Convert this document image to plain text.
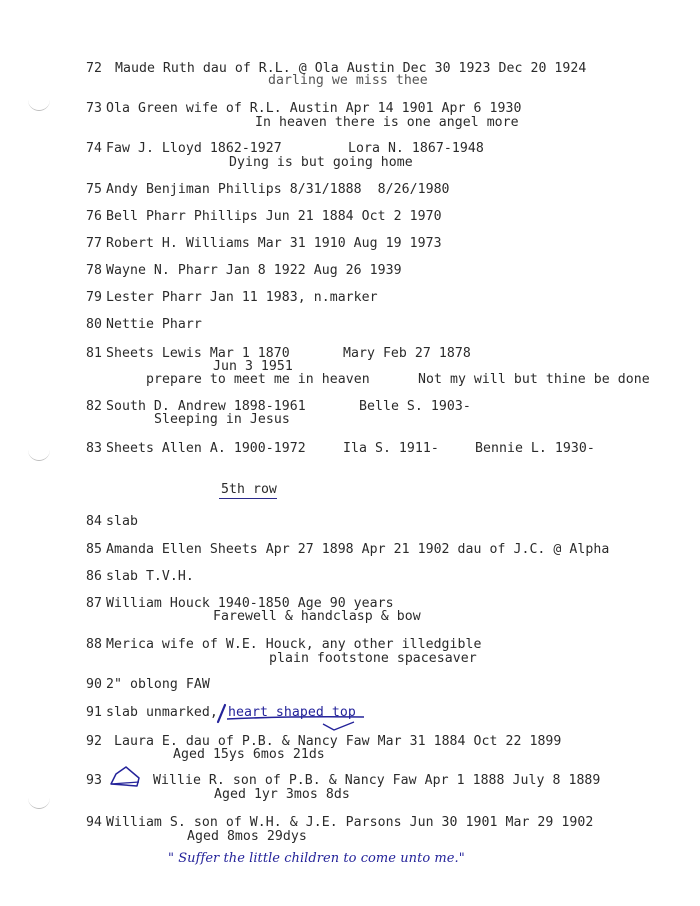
72 Maude Ruth dau of R.L. @ Ola Austin Dec 30 1923 Dec 20 1924
darling we miss thee
73 Ola Green wife of R.L. Austin Apr 14 1901 Apr 6 1930
In heaven there is one angel more
74 Faw J. Lloyd 1862-1927	Lora N. 1867-1948
Dying is but going home
75 Andy Benjiman Phillips 8/31/1888  8/26/1980
76 Bell Pharr Phillips Jun 21 1884 Oct 2 1970
77 Robert H. Williams Mar 31 1910 Aug 19 1973
78 Wayne N. Pharr Jan 8 1922 Aug 26 1939
79 Lester Pharr Jan 11 1983, n.marker
80 Nettie Pharr
81 Sheets Lewis Mar 1 1870	Mary Feb 27 1878
Jun 3 1951
prepare to meet me in heaven	Not my will but thine be done
82 South D. Andrew 1898-1961	Belle S. 1903-
Sleeping in Jesus
83 Sheets Allen A. 1900-1972	Ila S. 1911-	Bennie L. 1930-
5th row
84 slab
85 Amanda Ellen Sheets Apr 27 1898 Apr 21 1902 dau of J.C. @ Alpha
86 slab T.V.H.
87 William Houck 1940-1850 Age 90 years
Farewell & handclasp & bow
88 Merica wife of W.E. Houck, any other illedgible
plain footstone spacesaver
90 2" oblong FAW
91 slab unmarked, heart shaped top
92 Laura E. dau of P.B. & Nancy Faw Mar 31 1884 Oct 22 1899
Aged 15ys 6mos 21ds
93	Willie R. son of P.B. & Nancy Faw Apr 1 1888 July 8 1889
Aged 1yr 3mos 8ds
94 William S. son of W.H. & J.E. Parsons Jun 30 1901 Mar 29 1902
Aged 8mos 29dys
" Suffer the little children to come unto me."
